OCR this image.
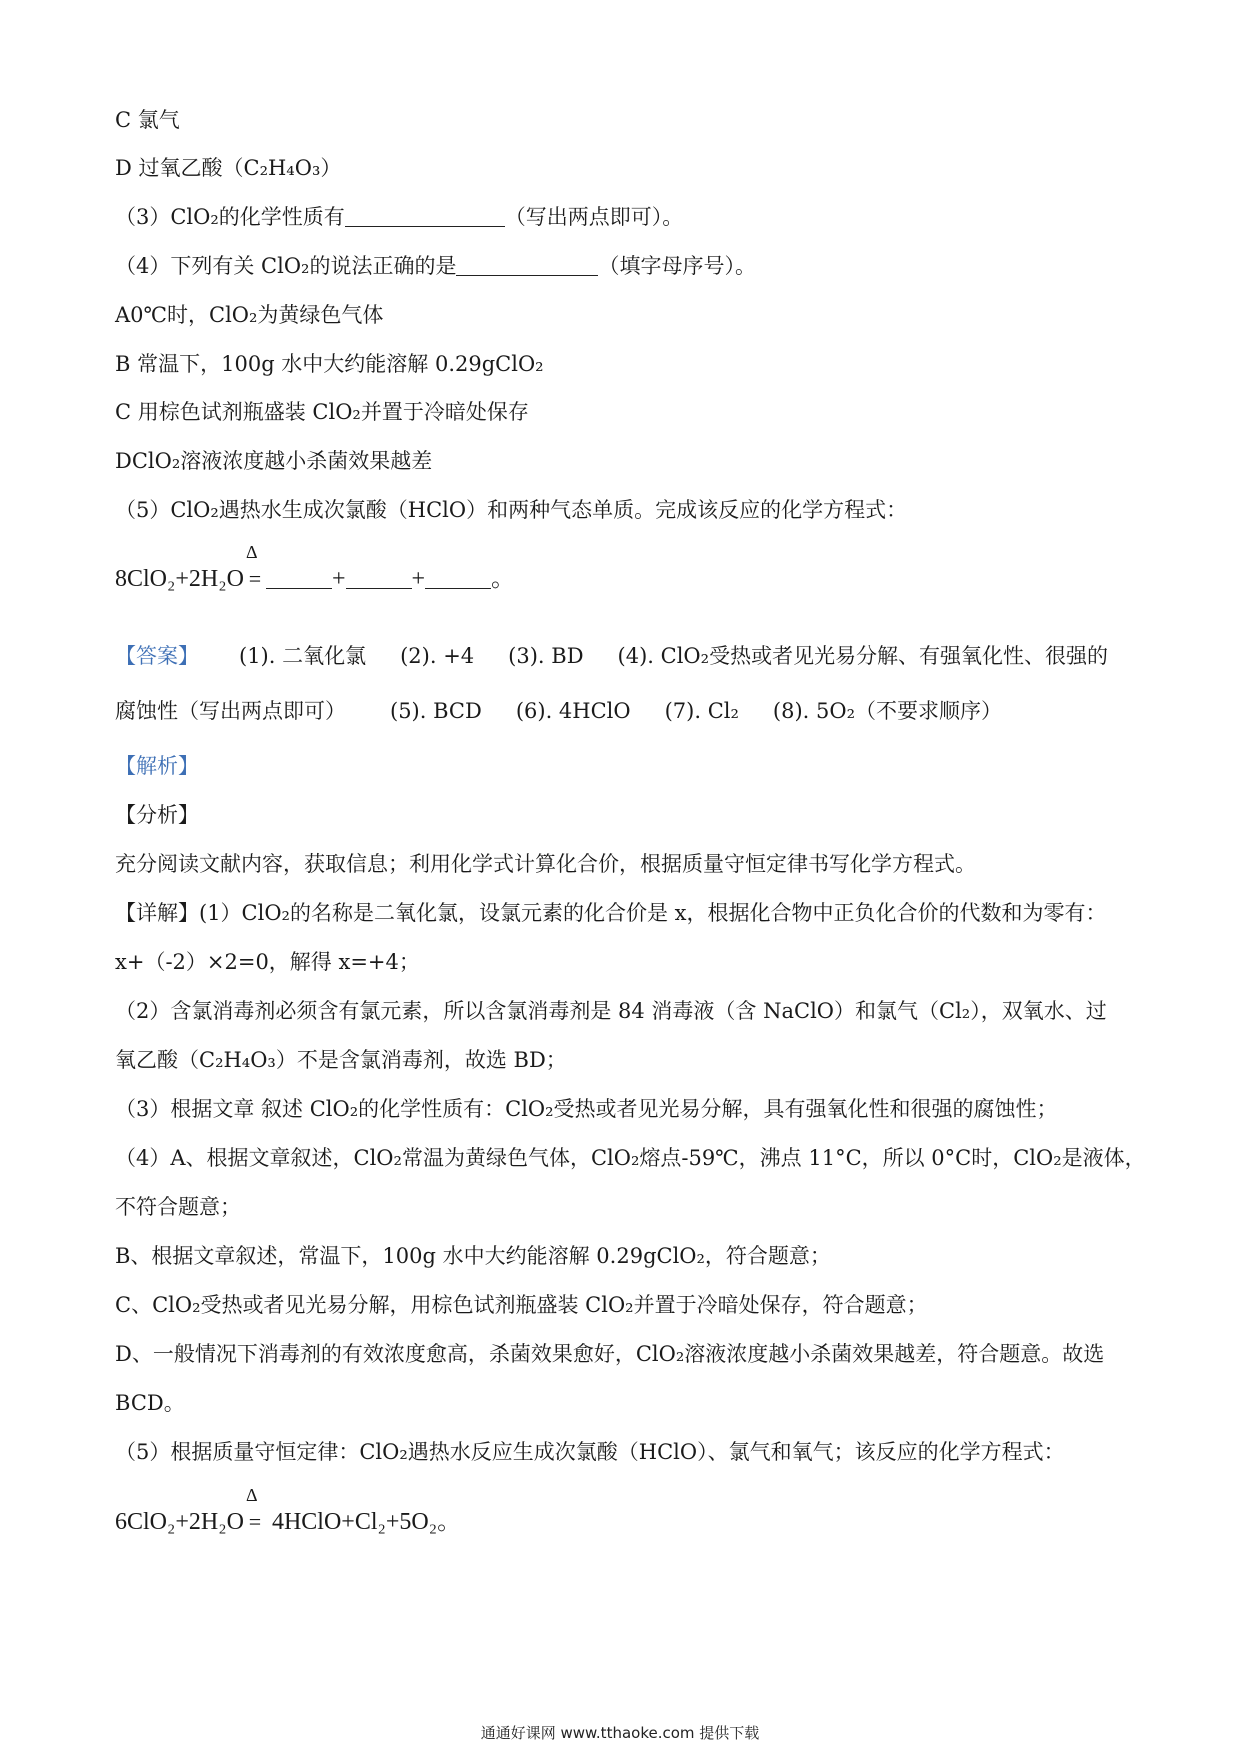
C 氯气
D 过氧乙酸（C₂H₄O₃）
（3）ClO₂的化学性质有	（写出两点即可）。
（4）下列有关 ClO₂的说法正确的是	（填字母序号）。
A0℃时，ClO₂为黄绿色气体
B 常温下，100g 水中大约能溶解 0.29gClO₂
C 用棕色试剂瓶盛装 ClO₂并置于冷暗处保存
DClO₂溶液浓度越小杀菌效果越差
（5）ClO₂遇热水生成次氯酸（HClO）和两种气态单质。完成该反应的化学方程式：
8ClO₂+2H₂O
Δ
=	+	+	。
【答案】 (1). 二氧化氯 (2). +4 (3). BD (4). ClO₂受热或者见光易分解、有强氧化性、很强的
腐蚀性（写出两点即可） (5). BCD (6). 4HClO (7). Cl₂ (8). 5O₂（不要求顺序）
【解析】
【分析】
充分阅读文献内容，获取信息；利用化学式计算化合价，根据质量守恒定律书写化学方程式。
【详解】(1）ClO₂的名称是二氧化氯，设氯元素的化合价是 x，根据化合物中正负化合价的代数和为零有：
x+（-2）×2=0，解得 x=+4；
（2）含氯消毒剂必须含有氯元素，所以含氯消毒剂是 84 消毒液（含 NaClO）和氯气（Cl₂），双氧水、过
氧乙酸（C₂H₄O₃）不是含氯消毒剂，故选 BD；
（3）根据文章 叙述 ClO₂的化学性质有：ClO₂受热或者见光易分解，具有强氧化性和很强的腐蚀性；
（4）A、根据文章叙述，ClO₂常温为黄绿色气体，ClO₂熔点-59℃，沸点 11°C，所以 0°C时，ClO₂是液体，
不符合题意；
B、根据文章叙述，常温下，100g 水中大约能溶解 0.29gClO₂，符合题意；
C、ClO₂受热或者见光易分解，用棕色试剂瓶盛装 ClO₂并置于冷暗处保存，符合题意；
D、一般情况下消毒剂的有效浓度愈高，杀菌效果愈好，ClO₂溶液浓度越小杀菌效果越差，符合题意。故选
BCD。
（5）根据质量守恒定律：ClO₂遇热水反应生成次氯酸（HClO）、氯气和氧气；该反应的化学方程式：
6ClO₂+2H₂O
Δ
= 4HClO+Cl₂+5O₂。
通通好课网 www.tthaoke.com 提供下载
